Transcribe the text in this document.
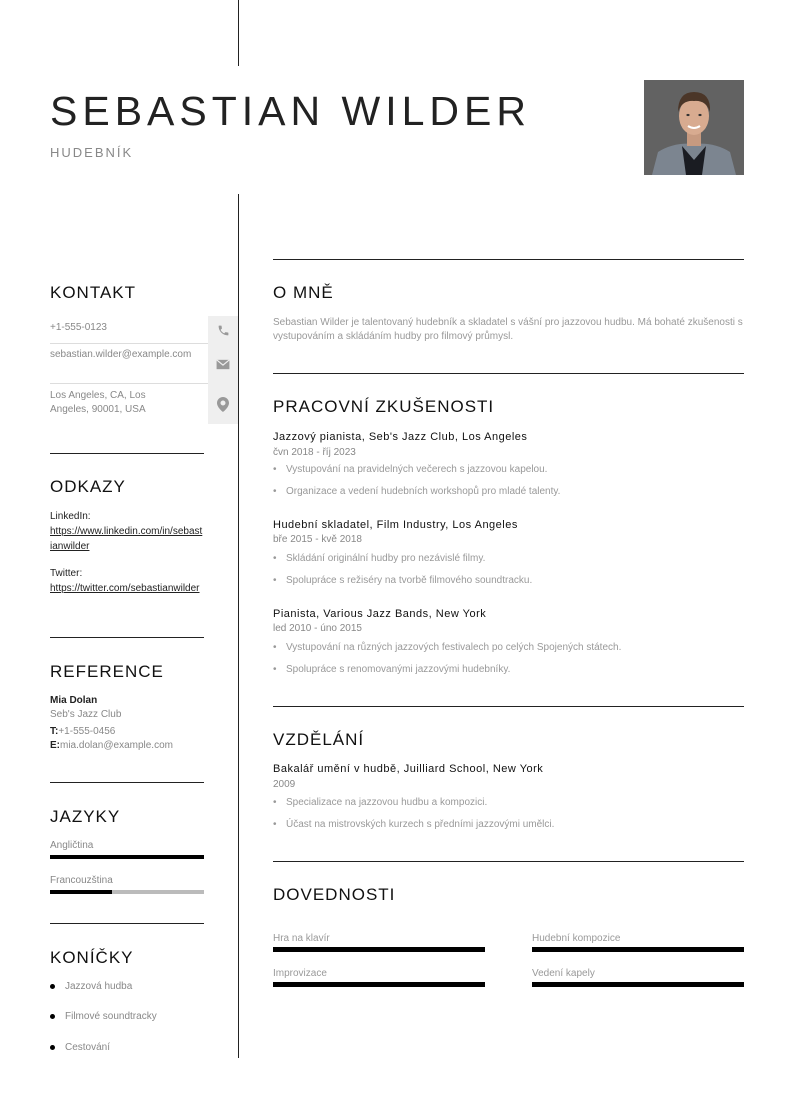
SEBASTIAN WILDER
HUDEBNÍK
KONTAKT
+1-555-0123
sebastian.wilder@example.com
Los Angeles, CA, Los Angeles, 90001, USA
ODKAZY
LinkedIn:
https://www.linkedin.com/in/sebastianwilder
Twitter:
https://twitter.com/sebastianwilder
REFERENCE
Mia Dolan
Seb's Jazz Club
T:+1-555-0456
E:mia.dolan@example.com
JAZYKY
Angličtina
Francouzština
KONÍČKY
Jazzová hudba
Filmové soundtracky
Cestování
O MNĚ
Sebastian Wilder je talentovaný hudebník a skladatel s vášní pro jazzovou hudbu. Má bohaté zkušenosti s vystupováním a skládáním hudby pro filmový průmysl.
PRACOVNÍ ZKUŠENOSTI
Jazzový pianista, Seb's Jazz Club, Los Angeles
čvn 2018 - říj 2023
• Vystupování na pravidelných večerech s jazzovou kapelou.
• Organizace a vedení hudebních workshopů pro mladé talenty.
Hudební skladatel, Film Industry, Los Angeles
bře 2015 - kvě 2018
• Skládání originální hudby pro nezávislé filmy.
• Spolupráce s režiséry na tvorbě filmového soundtracku.
Pianista, Various Jazz Bands, New York
led 2010 - úno 2015
• Vystupování na různých jazzových festivalech po celých Spojených státech.
• Spolupráce s renomovanými jazzovými hudebníky.
VZDĚLÁNÍ
Bakalář umění v hudbě, Juilliard School, New York
2009
• Specializace na jazzovou hudbu a kompozici.
• Účast na mistrovských kurzech s předními jazzovými umělci.
DOVEDNOSTI
Hra na klavír	Hudební kompozice
Improvizace	Vedení kapely
